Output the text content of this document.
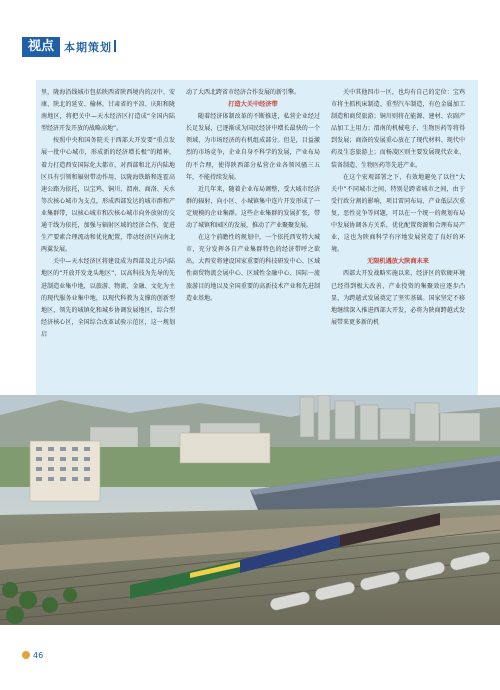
视点 本期策划

里，陇海沿线城市包括陕西省陕西境内的汉中、安康、陕北的延安、榆林，甘肃省的平凉、庆阳和陇南地区，将把关中—天水经济区打造成“全国内陆型经济开发开放的战略高地”。

按照中央和国务院关于西部大开发要“重点发展一批中心城市，形成新的经济增长极”的精神，着力打造西安国际化大都市，对西部和北方内陆地区具有引领和辐射带动作用，以陇海铁路和连霍高速公路为依托，以宝鸡、铜川、渭南、商洛、天水等次核心城市为支点，形成西部发达的城市群和产业集群带，以核心城市和次核心城市向外放射的交通干线为依托，加强与辐射区域的经济合作，促进生产要素合理流动和优化配置，带动经济区向南北两翼发展。

关中—天水经济区将建设成为西部及北方内陆地区的“开放开发龙头地区”，以高科技为先导的先进制造业集中地，以旅游、物流、金融、文化为主的现代服务业集中地，以现代科教为支撑的创新型地区，领先的城镇化和城乡协调发展地区，综合型经济核心区，全国综合改革试验示范区，这一规划启

动了大西北跨省市经济合作发展的新引擎。

打造大关中经济带

随着经济体制改革的不断推进，私营企业经过长足发展，已逐渐成为国民经济中增长最快的一个领域，为市场经济的有机组成部分。但是，目益激烈的市场竞争，企业自身不科学的发展，产业布局的不合理，使得陕西部分私营企业各领风骚三五年，不能持续发展。

近几年来，随着企业布局调整，受大城市经济群的辐射，向小区、小城镇集中连片开发形成了一定规模的企业集群。这些企业集群的发展扩张，带动了城镇和园区的发展，推动了产业聚聚发展。

在这个前瞻性的规划中，一个依托西安特大城市，充分发挥各自产业集群特色的经济带呼之欲出。大西安将建设国家重要的科技研发中心、区域性商贸物流会展中心、区域性金融中心、国际一流旅游目的地以及全国重要的高新技术产业和先进制造业基地。

关中其他四市一区，也均有自己的定位：宝鸡市将主抓机床制造、重型汽车制造，有色金属加工制造和商贸旅游；铜川则将在能源、建材、农副产品加工上用力；渭南的机械电子、生物医药等将得到发展；商洛的发展重心放在了现代材料、现代中药及生态旅游上；而杨凌区则主要发展现代农业、装备制造、生物医药等先进产业。

在这个宏观部署之下，有效地避免了以往“大关中”不同城市之间，特别是跨省城市之间，由于受行政分割的影响，项目雷同布局、产业低层次重复，恶性竞争等问题，可以在一个统一的规划布局中发展协调各方关系，优化配置资源和合理布局产业，这也为陕商科学有序地发展营造了良好的环境。

无限机遇放大陕商未来

西部大开发战略实施以来，经济区的软硬环境已经得到极大改善，产业投资的集聚效应逐步凸显，为跨越式发展奠定了坚实基础。国家坚定不移地继续深入推进西部大开发，必将为陕商跨越式发展带来更多新的机

46
